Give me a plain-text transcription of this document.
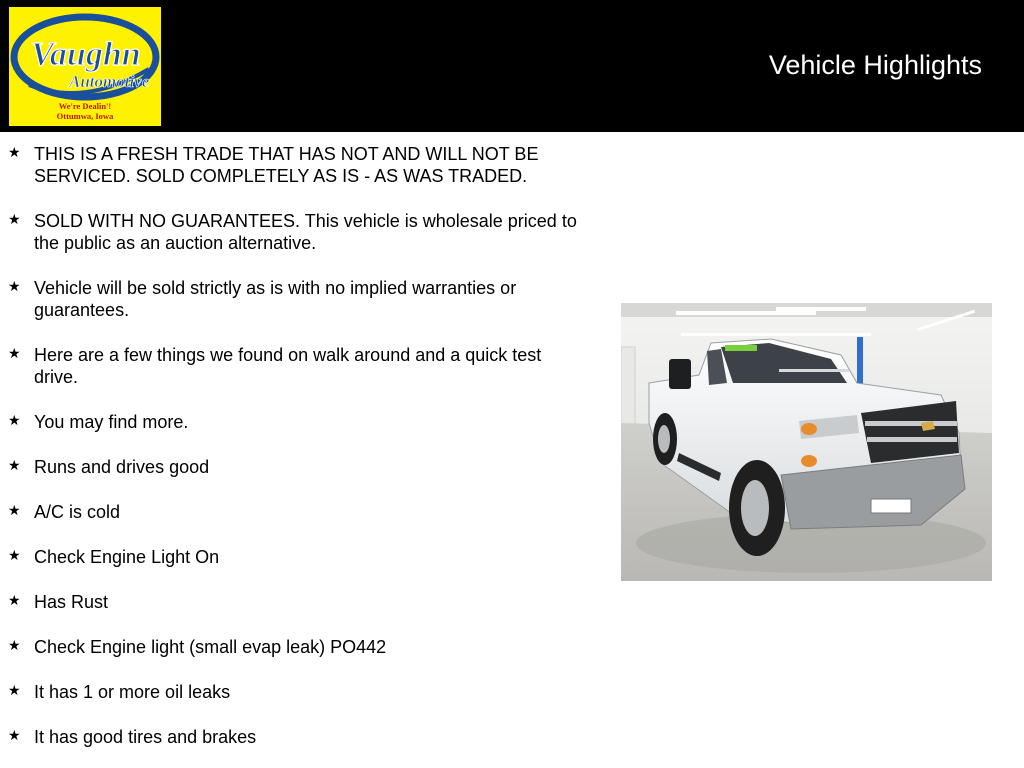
Vaughn
Automotive
We're Dealin'!
Ottumwa, Iowa
Vehicle Highlights
★ THIS IS A FRESH TRADE THAT HAS NOT AND WILL NOT BE SERVICED. SOLD COMPLETELY AS IS - AS WAS TRADED.
★ SOLD WITH NO GUARANTEES. This vehicle is wholesale priced to the public as an auction alternative.
★ Vehicle will be sold strictly as is with no implied warranties or guarantees.
★ Here are a few things we found on walk around and a quick test drive.
★ You may find more.
★ Runs and drives good
★ A/C is cold
★ Check Engine Light On
★ Has Rust
★ Check Engine light (small evap leak) PO442
★ It has 1 or more oil leaks
★ It has good tires and brakes
